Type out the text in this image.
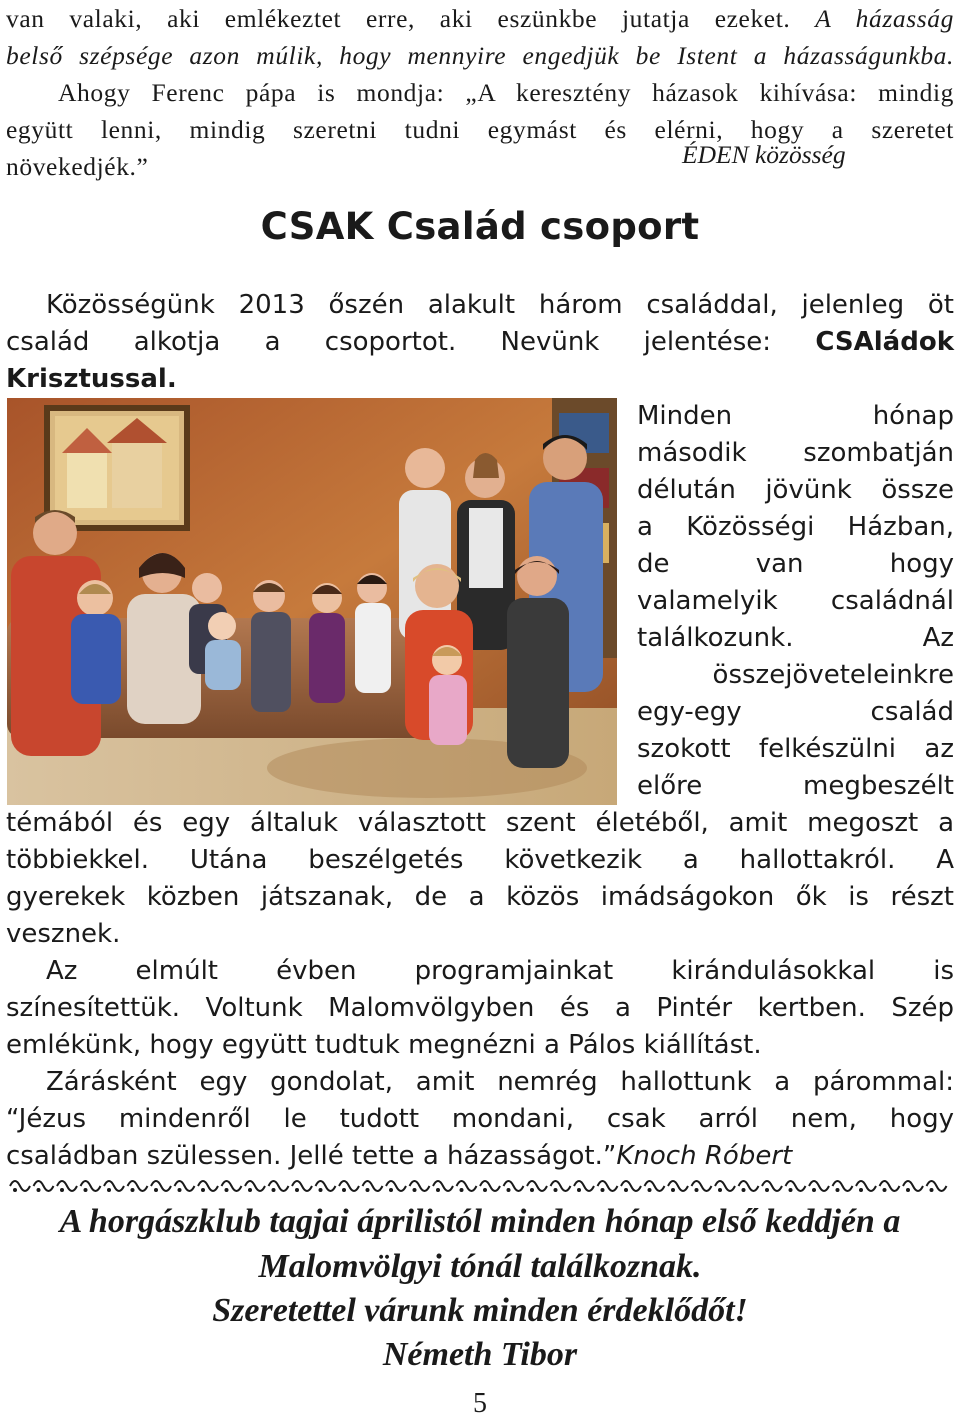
van valaki, aki emlékeztet erre, aki eszünkbe jutatja ezeket. A házasság
belső szépsége azon múlik, hogy mennyire engedjük be Istent a házasságunkba.
Ahogy Ferenc pápa is mondja: „A keresztény házasok kihívása: mindig
együtt lenni, mindig szeretni tudni egymást és elérni, hogy a szeretet
növekedjék.”	ÉDEN közösség
CSAK Család csoport
Közösségünk 2013 őszén alakult három családdal, jelenleg öt
család alkotja a csoportot. Nevünk jelentése: CSAládok
Krisztussal.
Minden hónap
második szombatján
délután jövünk össze
a Közösségi Házban,
de van hogy
valamelyik családnál
találkozunk. Az
összejöveteleinkre
egy-egy család
szokott felkészülni az
előre megbeszélt
témából és egy általuk választott szent életéből, amit megoszt a
többiekkel. Utána beszélgetés következik a hallottakról. A
gyerekek közben játszanak, de a közös imádságokon ők is részt
vesznek.
Az elmúlt évben programjainkat kirándulásokkal is
színesítettük. Voltunk Malomvölgyben és a Pintér kertben. Szép
emlékünk, hogy együtt tudtuk megnézni a Pálos kiállítást.
Zárásként egy gondolat, amit nemrég hallottunk a párommal:
“Jézus mindenről le tudott mondani, csak arról nem, hogy
családban szülessen. Jellé tette a házasságot.”Knoch Róbert
A horgászklub tagjai áprilistól minden hónap első keddjén a
Malomvölgyi tónál találkoznak.
Szeretettel várunk minden érdeklődőt!
Németh Tibor
5
